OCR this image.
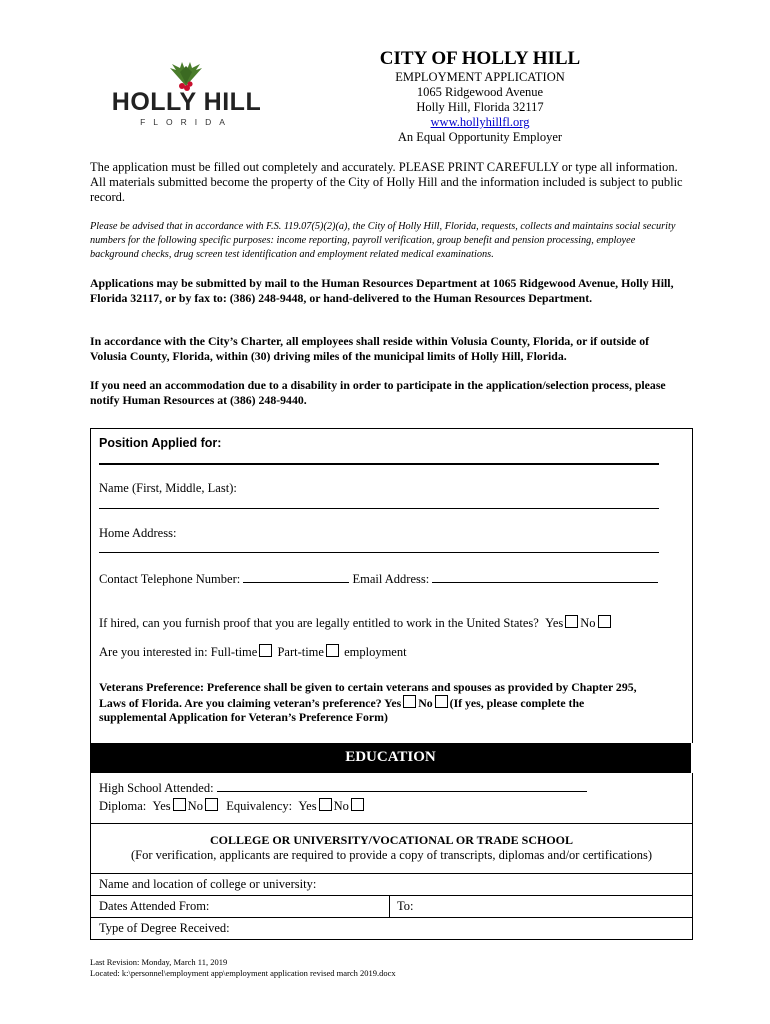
HOLLY HILL
FLORIDA
CITY OF HOLLY HILL
EMPLOYMENT APPLICATION
1065 Ridgewood Avenue
Holly Hill, Florida 32117
www.hollyhillfl.org
An Equal Opportunity Employer
The application must be filled out completely and accurately. PLEASE PRINT CAREFULLY or type all information. All materials submitted become the property of the City of Holly Hill and the information included is subject to public record.
Please be advised that in accordance with F.S. 119.07(5)(2)(a), the City of Holly Hill, Florida, requests, collects and maintains social security numbers for the following specific purposes: income reporting, payroll verification, group benefit and pension processing, employee background checks, drug screen test identification and employment related medical examinations.
Applications may be submitted by mail to the Human Resources Department at 1065 Ridgewood Avenue, Holly Hill, Florida 32117, or by fax to: (386) 248-9448, or hand-delivered to the Human Resources Department.
In accordance with the City’s Charter, all employees shall reside within Volusia County, Florida, or if outside of Volusia County, Florida, within (30) driving miles of the municipal limits of Holly Hill, Florida.
If you need an accommodation due to a disability in order to participate in the application/selection process, please notify Human Resources at (386) 248-9440.
Position Applied for:
Name (First, Middle, Last):
Home Address:
Contact Telephone Number:	Email Address:
If hired, can you furnish proof that you are legally entitled to work in the United States? Yes No
Are you interested in: Full-time Part-time employment
Veterans Preference: Preference shall be given to certain veterans and spouses as provided by Chapter 295,
Laws of Florida. Are you claiming veteran’s preference? Yes No (If yes, please complete the
supplemental Application for Veteran’s Preference Form)
EDUCATION
High School Attended:
Diploma: Yes No Equivalency: Yes No
COLLEGE OR UNIVERSITY/VOCATIONAL OR TRADE SCHOOL
(For verification, applicants are required to provide a copy of transcripts, diplomas and/or certifications)
Name and location of college or university:
Dates Attended From:	To:
Type of Degree Received:
Last Revision: Monday, March 11, 2019
Located: k:\personnel\employment app\employment application revised march 2019.docx
